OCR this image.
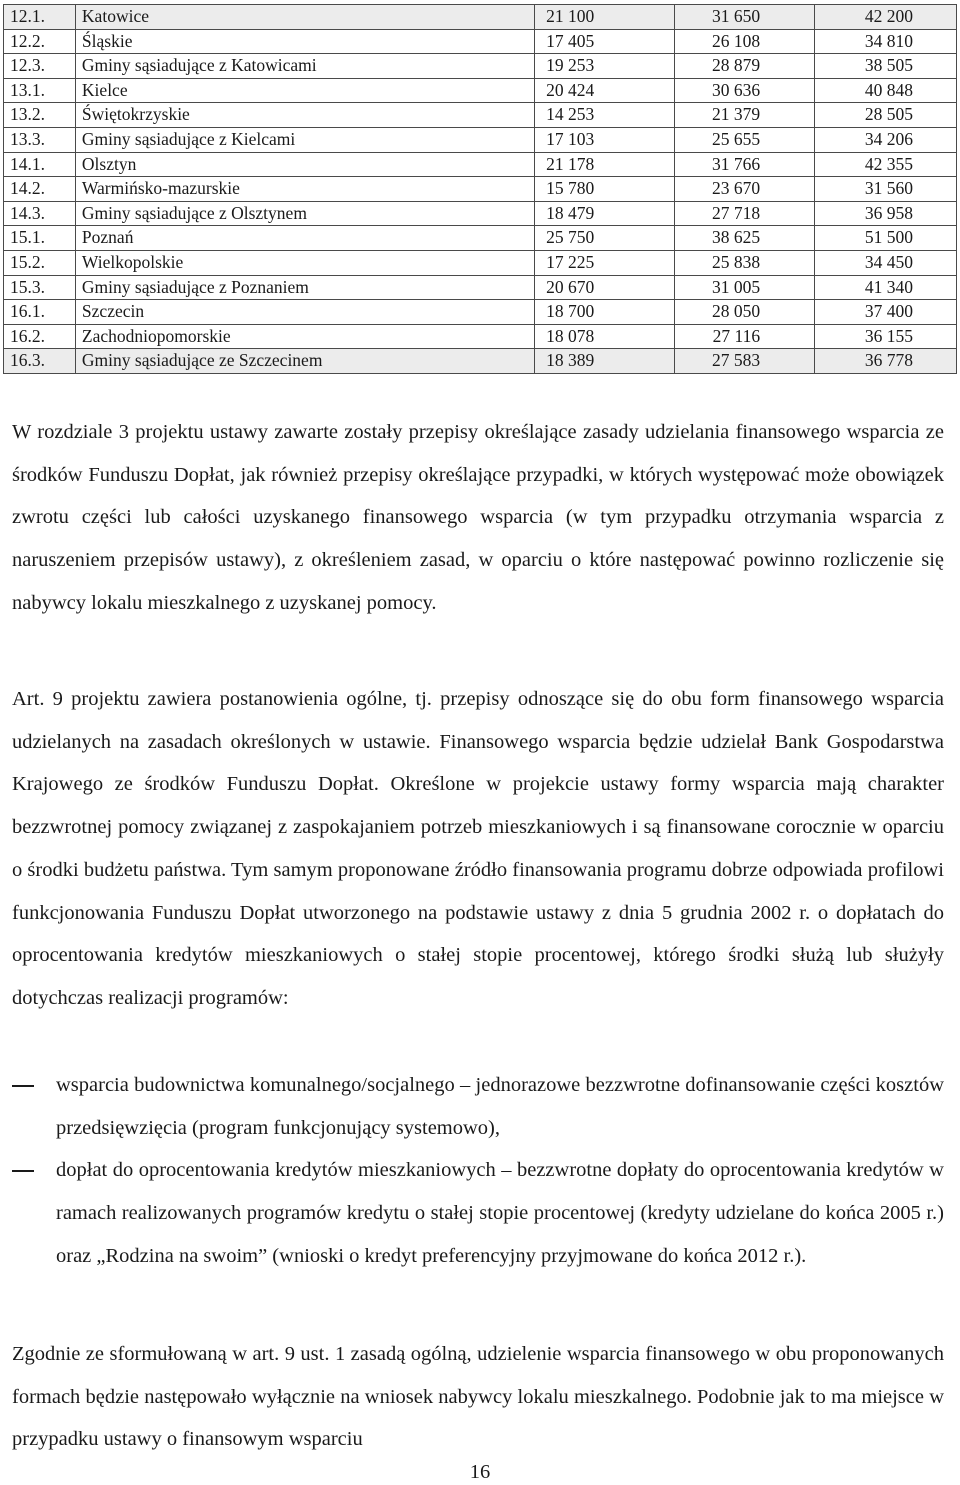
12.1.	Katowice	21 100	31 650	42 200
12.2.	Śląskie	17 405	26 108	34 810
12.3.	Gminy sąsiadujące z Katowicami	19 253	28 879	38 505
13.1.	Kielce	20 424	30 636	40 848
13.2.	Świętokrzyskie	14 253	21 379	28 505
13.3.	Gminy sąsiadujące z Kielcami	17 103	25 655	34 206
14.1.	Olsztyn	21 178	31 766	42 355
14.2.	Warmińsko-mazurskie	15 780	23 670	31 560
14.3.	Gminy sąsiadujące z Olsztynem	18 479	27 718	36 958
15.1.	Poznań	25 750	38 625	51 500
15.2.	Wielkopolskie	17 225	25 838	34 450
15.3.	Gminy sąsiadujące z Poznaniem	20 670	31 005	41 340
16.1.	Szczecin	18 700	28 050	37 400
16.2.	Zachodniopomorskie	18 078	27 116	36 155
16.3.	Gminy sąsiadujące ze Szczecinem	18 389	27 583	36 778

W rozdziale 3 projektu ustawy zawarte zostały przepisy określające zasady udzielania finansowego wsparcia ze środków Funduszu Dopłat, jak również przepisy określające przypadki, w których występować może obowiązek zwrotu części lub całości uzyskanego finansowego wsparcia (w tym przypadku otrzymania wsparcia z naruszeniem przepisów ustawy), z określeniem zasad, w oparciu o które następować powinno rozliczenie się nabywcy lokalu mieszkalnego z uzyskanej pomocy.

Art. 9 projektu zawiera postanowienia ogólne, tj. przepisy odnoszące się do obu form finansowego wsparcia udzielanych na zasadach określonych w ustawie. Finansowego wsparcia będzie udzielał Bank Gospodarstwa Krajowego ze środków Funduszu Dopłat. Określone w projekcie ustawy formy wsparcia mają charakter bezzwrotnej pomocy związanej z zaspokajaniem potrzeb mieszkaniowych i są finansowane corocznie w oparciu o środki budżetu państwa. Tym samym proponowane źródło finansowania programu dobrze odpowiada profilowi funkcjonowania Funduszu Dopłat utworzonego na podstawie ustawy z dnia 5 grudnia 2002 r. o dopłatach do oprocentowania kredytów mieszkaniowych o stałej stopie procentowej, którego środki służą lub służyły dotychczas realizacji programów:

wsparcia budownictwa komunalnego/socjalnego – jednorazowe bezzwrotne dofinansowanie części kosztów przedsięwzięcia (program funkcjonujący systemowo),
dopłat do oprocentowania kredytów mieszkaniowych – bezzwrotne dopłaty do oprocentowania kredytów w ramach realizowanych programów kredytu o stałej stopie procentowej (kredyty udzielane do końca 2005 r.) oraz „Rodzina na swoim” (wnioski o kredyt preferencyjny przyjmowane do końca 2012 r.).

Zgodnie ze sformułowaną w art. 9 ust. 1 zasadą ogólną, udzielenie wsparcia finansowego w obu proponowanych formach będzie następowało wyłącznie na wniosek nabywcy lokalu mieszkalnego. Podobnie jak to ma miejsce w przypadku ustawy o finansowym wsparciu

16
